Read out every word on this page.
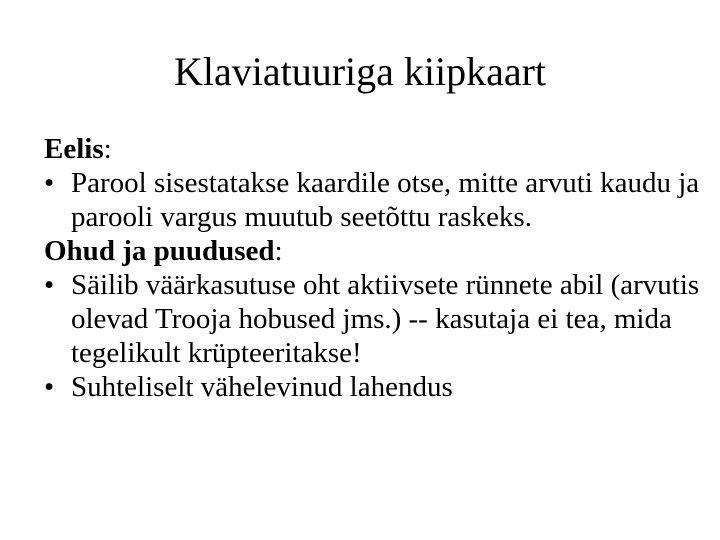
Klaviatuuriga kiipkaart

Eelis:

• Parool sisestatakse kaardile otse, mitte arvuti kaudu ja parooli vargus muutub seetõttu raskeks.

Ohud ja puudused:

• Säilib väärkasutuse oht aktiivsete rünnete abil (arvutis olevad Trooja hobused jms.) -- kasutaja ei tea, mida tegelikult krüpteeritakse!
• Suhteliselt vähelevinud lahendus
